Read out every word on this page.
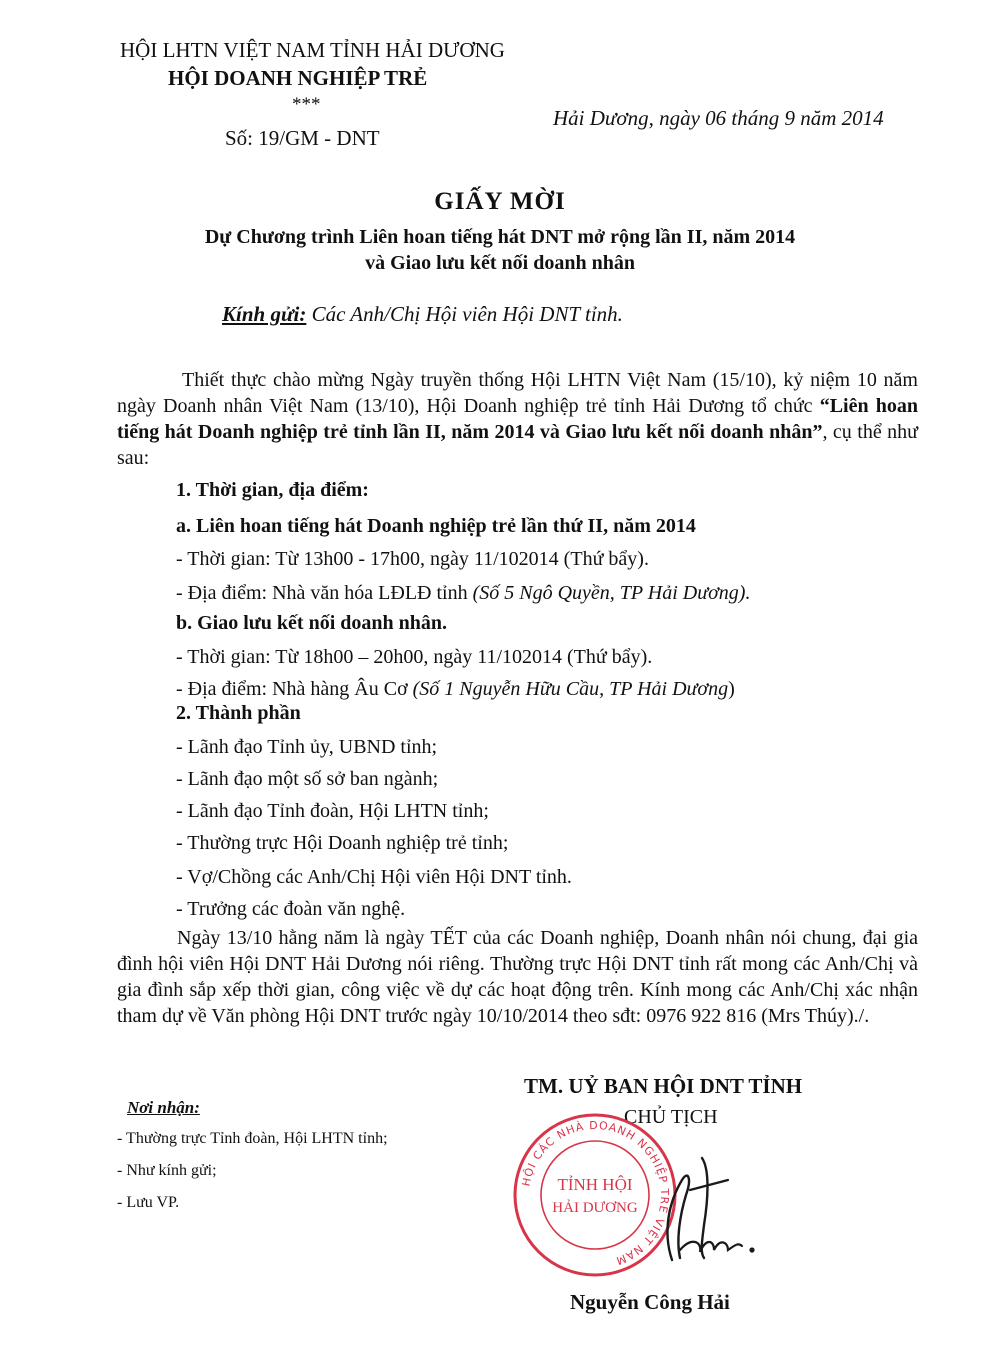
HỘI LHTN VIỆT NAM TỈNH HẢI DƯƠNG
HỘI DOANH NGHIỆP TRẺ
***
Số: 19/GM - DNT
Hải Dương, ngày 06 tháng 9 năm 2014
GIẤY MỜI
Dự Chương trình Liên hoan tiếng hát DNT mở rộng lần II, năm 2014
và Giao lưu kết nối doanh nhân
Kính gửi: Các Anh/Chị Hội viên Hội DNT tỉnh.
Thiết thực chào mừng Ngày truyền thống Hội LHTN Việt Nam (15/10), kỷ niệm 10 năm ngày Doanh nhân Việt Nam (13/10), Hội Doanh nghiệp trẻ tỉnh Hải Dương tổ chức “Liên hoan tiếng hát Doanh nghiệp trẻ tỉnh lần II, năm 2014 và Giao lưu kết nối doanh nhân”, cụ thể như sau:
1. Thời gian, địa điểm:
a. Liên hoan tiếng hát Doanh nghiệp trẻ lần thứ II, năm 2014
- Thời gian: Từ 13h00 - 17h00, ngày 11/102014 (Thứ bẩy).
- Địa điểm: Nhà văn hóa LĐLĐ tỉnh (Số 5 Ngô Quyền, TP Hải Dương).
b. Giao lưu kết nối doanh nhân.
- Thời gian: Từ 18h00 – 20h00, ngày 11/102014 (Thứ bẩy).
- Địa điểm: Nhà hàng Âu Cơ (Số 1 Nguyễn Hữu Cầu, TP Hải Dương)
2. Thành phần
- Lãnh đạo Tỉnh ủy, UBND tỉnh;
- Lãnh đạo một số sở ban ngành;
- Lãnh đạo Tỉnh đoàn, Hội LHTN tỉnh;
- Thường trực Hội Doanh nghiệp trẻ tỉnh;
- Vợ/Chồng các Anh/Chị Hội viên Hội DNT tỉnh.
- Trưởng các đoàn văn nghệ.
Ngày 13/10 hằng năm là ngày TẾT của các Doanh nghiệp, Doanh nhân nói chung, đại gia đình hội viên Hội DNT Hải Dương nói riêng. Thường trực Hội DNT tỉnh rất mong các Anh/Chị và gia đình sắp xếp thời gian, công việc về dự các hoạt động trên. Kính mong các Anh/Chị xác nhận tham dự về Văn phòng Hội DNT trước ngày 10/10/2014 theo sđt: 0976 922 816 (Mrs Thúy)./.
Nơi nhận:
- Thường trực Tỉnh đoàn, Hội LHTN tỉnh;
- Như kính gửi;
- Lưu VP.
TM. UỶ BAN HỘI DNT TỈNH
CHỦ TỊCH
HỘI CÁC NHÀ DOANH NGHIỆP TRẺ VIỆT NAM
TỈNH HỘI
HẢI DƯƠNG
Nguyễn Công Hải
